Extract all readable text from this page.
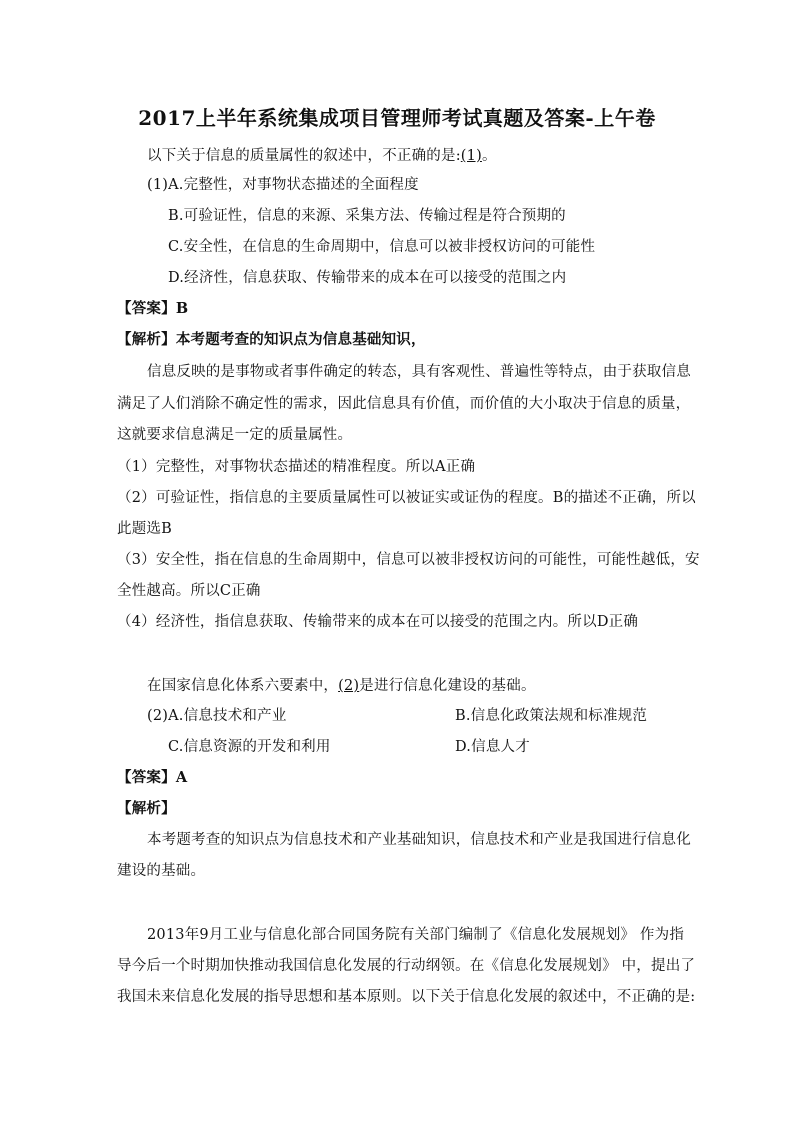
2017上半年系统集成项目管理师考试真题及答案-上午卷
以下关于信息的质量属性的叙述中，不正确的是:(1)。
(1)A.完整性，对事物状态描述的全面程度
B.可验证性，信息的来源、采集方法、传输过程是符合预期的
C.安全性，在信息的生命周期中，信息可以被非授权访问的可能性
D.经济性，信息获取、传输带来的成本在可以接受的范围之内
【答案】B
【解析】本考题考查的知识点为信息基础知识，
信息反映的是事物或者事件确定的转态，具有客观性、普遍性等特点，由于获取信息
满足了人们消除不确定性的需求，因此信息具有价值，而价值的大小取决于信息的质量，
这就要求信息满足一定的质量属性。
（1）完整性，对事物状态描述的精准程度。所以A正确
（2）可验证性，指信息的主要质量属性可以被证实或证伪的程度。B的描述不正确，所以
此题选B
（3）安全性，指在信息的生命周期中，信息可以被非授权访问的可能性，可能性越低，安
全性越高。所以C正确
（4）经济性，指信息获取、传输带来的成本在可以接受的范围之内。所以D正确
在国家信息化体系六要素中，(2)是进行信息化建设的基础。
(2)A.信息技术和产业	B.信息化政策法规和标准规范
C.信息资源的开发和利用	D.信息人才
【答案】A
【解析】
本考题考查的知识点为信息技术和产业基础知识，信息技术和产业是我国进行信息化
建设的基础。
2013年9月工业与信息化部合同国务院有关部门编制了《信息化发展规划》 作为指
导今后一个时期加快推动我国信息化发展的行动纲领。在《信息化发展规划》 中，提出了
我国未来信息化发展的指导思想和基本原则。以下关于信息化发展的叙述中，不正确的是:
